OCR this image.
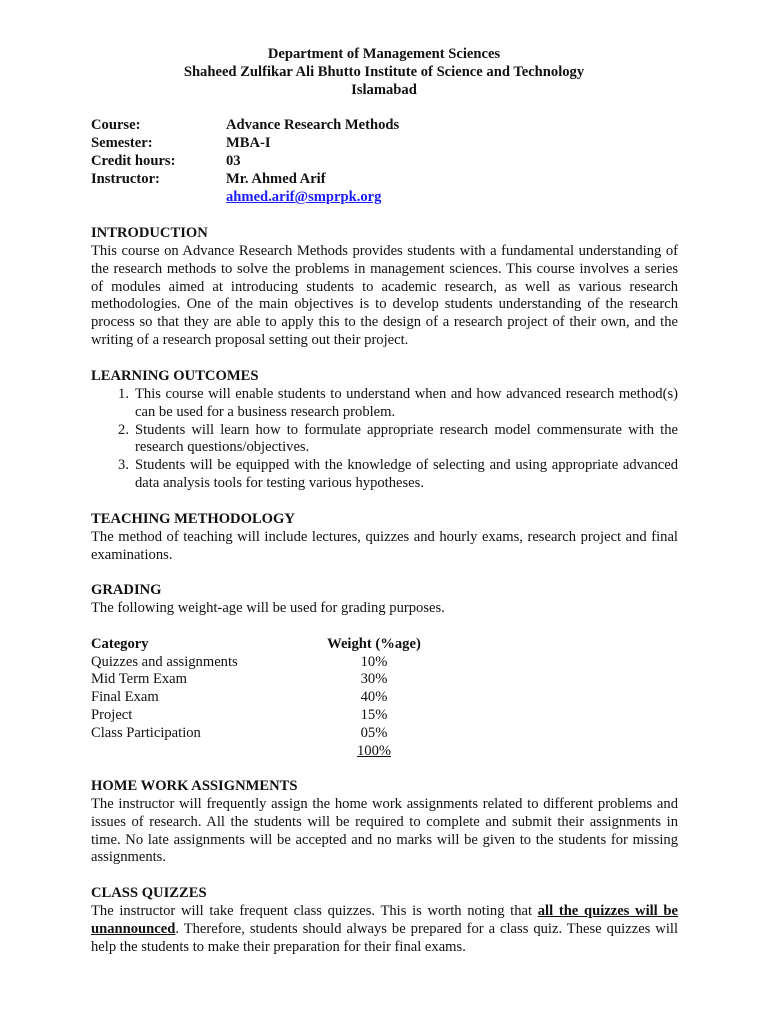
Department of Management Sciences
Shaheed Zulfikar Ali Bhutto Institute of Science and Technology
Islamabad
Course:	Advance Research Methods
Semester:	MBA-I
Credit hours:	03
Instructor:	Mr. Ahmed Arif
ahmed.arif@smprpk.org
INTRODUCTION
This course on Advance Research Methods provides students with a fundamental understanding of the research methods to solve the problems in management sciences. This course involves a series of modules aimed at introducing students to academic research, as well as various research methodologies. One of the main objectives is to develop students understanding of the research process so that they are able to apply this to the design of a research project of their own, and the writing of a research proposal setting out their project.
LEARNING OUTCOMES
1. This course will enable students to understand when and how advanced research method(s) can be used for a business research problem.
2. Students will learn how to formulate appropriate research model commensurate with the research questions/objectives.
3. Students will be equipped with the knowledge of selecting and using appropriate advanced data analysis tools for testing various hypotheses.
TEACHING METHODOLOGY
The method of teaching will include lectures, quizzes and hourly exams, research project and final examinations.
GRADING
The following weight-age will be used for grading purposes.
Category	Weight (%age)
Quizzes and assignments	10%
Mid Term Exam	30%
Final Exam	40%
Project	15%
Class Participation	05%
	100%
HOME WORK ASSIGNMENTS
The instructor will frequently assign the home work assignments related to different problems and issues of research. All the students will be required to complete and submit their assignments in time. No late assignments will be accepted and no marks will be given to the students for missing assignments.
CLASS QUIZZES
The instructor will take frequent class quizzes. This is worth noting that all the quizzes will be unannounced. Therefore, students should always be prepared for a class quiz. These quizzes will help the students to make their preparation for their final exams.
